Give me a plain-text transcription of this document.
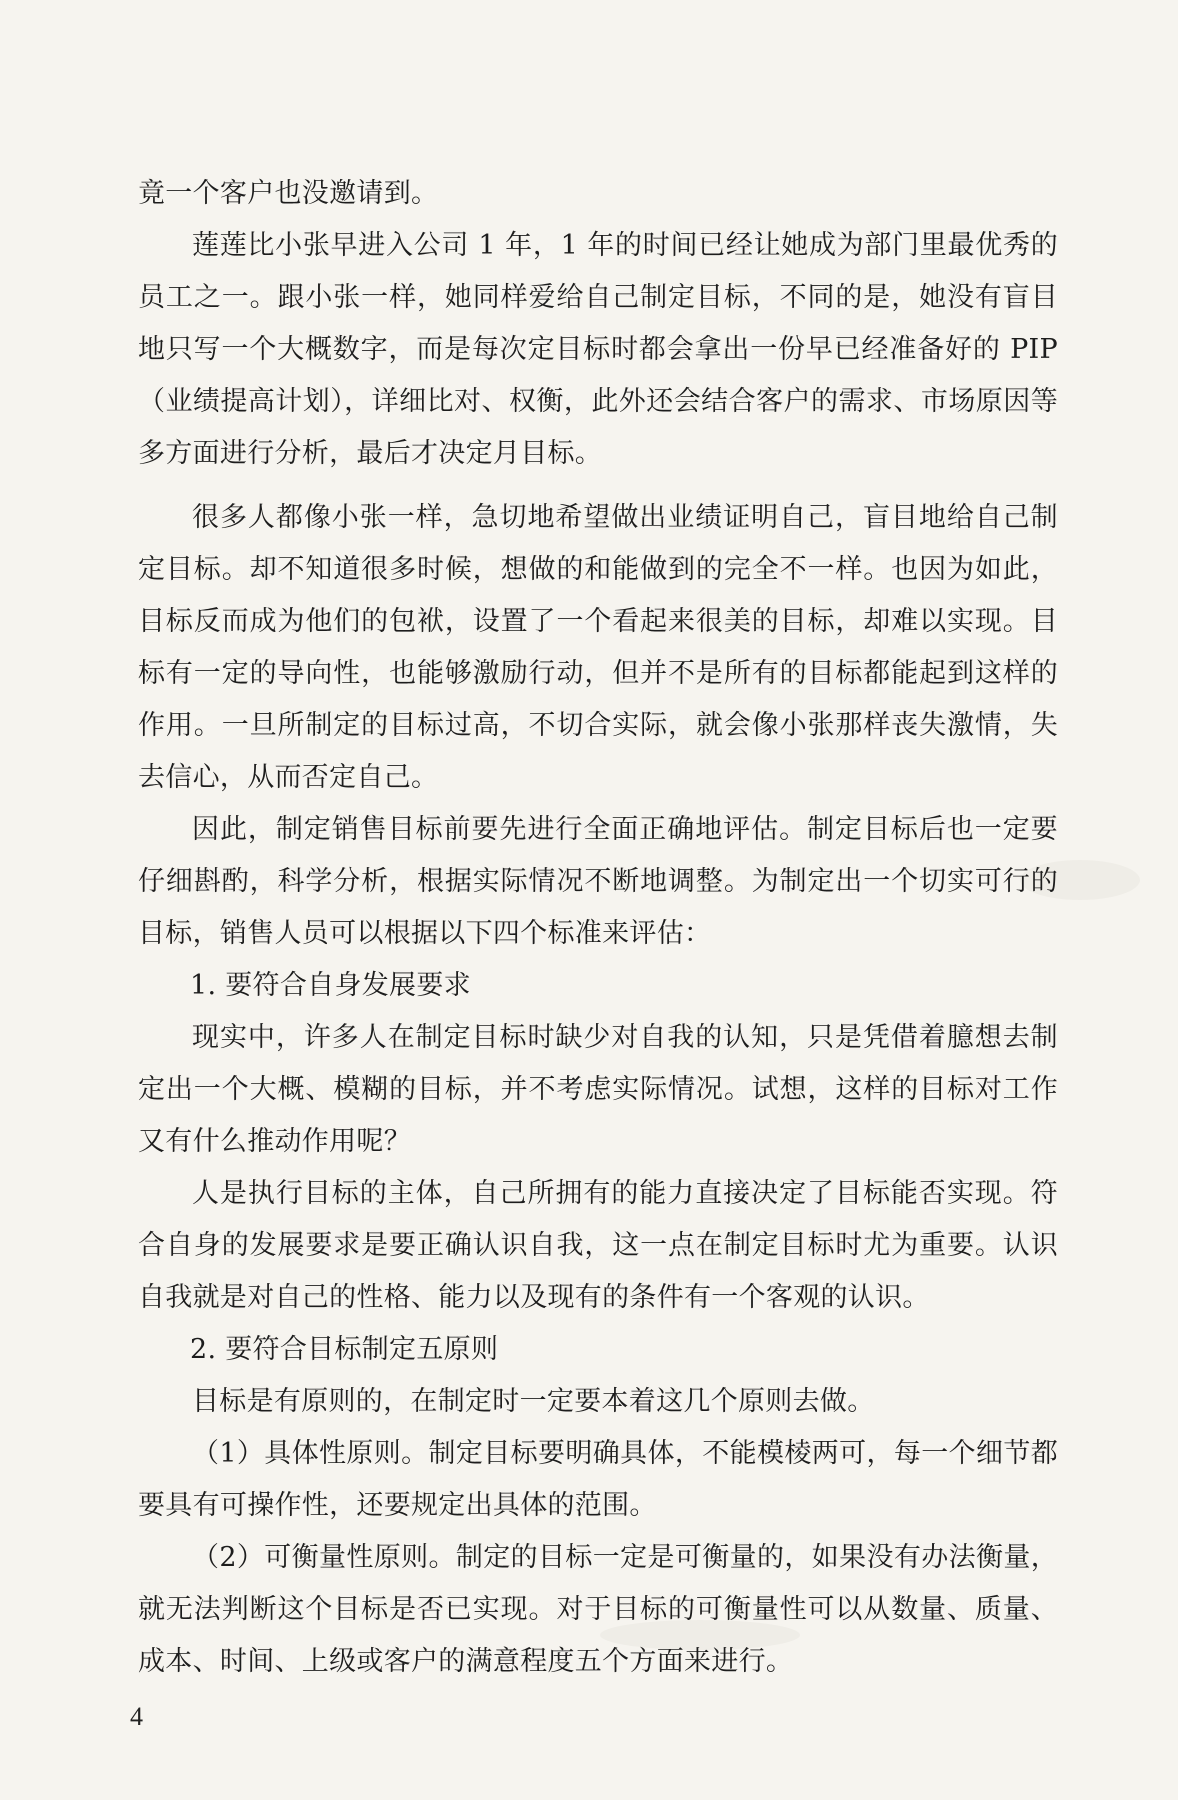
竟一个客户也没邀请到。

莲莲比小张早进入公司 1 年，1 年的时间已经让她成为部门里最优秀的员工之一。跟小张一样，她同样爱给自己制定目标，不同的是，她没有盲目地只写一个大概数字，而是每次定目标时都会拿出一份早已经准备好的 PIP（业绩提高计划），详细比对、权衡，此外还会结合客户的需求、市场原因等多方面进行分析，最后才决定月目标。

很多人都像小张一样，急切地希望做出业绩证明自己，盲目地给自己制定目标。却不知道很多时候，想做的和能做到的完全不一样。也因为如此，目标反而成为他们的包袱，设置了一个看起来很美的目标，却难以实现。目标有一定的导向性，也能够激励行动，但并不是所有的目标都能起到这样的作用。一旦所制定的目标过高，不切合实际，就会像小张那样丧失激情，失去信心，从而否定自己。

因此，制定销售目标前要先进行全面正确地评估。制定目标后也一定要仔细斟酌，科学分析，根据实际情况不断地调整。为制定出一个切实可行的目标，销售人员可以根据以下四个标准来评估：

1. 要符合自身发展要求

现实中，许多人在制定目标时缺少对自我的认知，只是凭借着臆想去制定出一个大概、模糊的目标，并不考虑实际情况。试想，这样的目标对工作又有什么推动作用呢？

人是执行目标的主体，自己所拥有的能力直接决定了目标能否实现。符合自身的发展要求是要正确认识自我，这一点在制定目标时尤为重要。认识自我就是对自己的性格、能力以及现有的条件有一个客观的认识。

2. 要符合目标制定五原则

目标是有原则的，在制定时一定要本着这几个原则去做。

（1）具体性原则。制定目标要明确具体，不能模棱两可，每一个细节都要具有可操作性，还要规定出具体的范围。

（2）可衡量性原则。制定的目标一定是可衡量的，如果没有办法衡量，就无法判断这个目标是否已实现。对于目标的可衡量性可以从数量、质量、成本、时间、上级或客户的满意程度五个方面来进行。

4
